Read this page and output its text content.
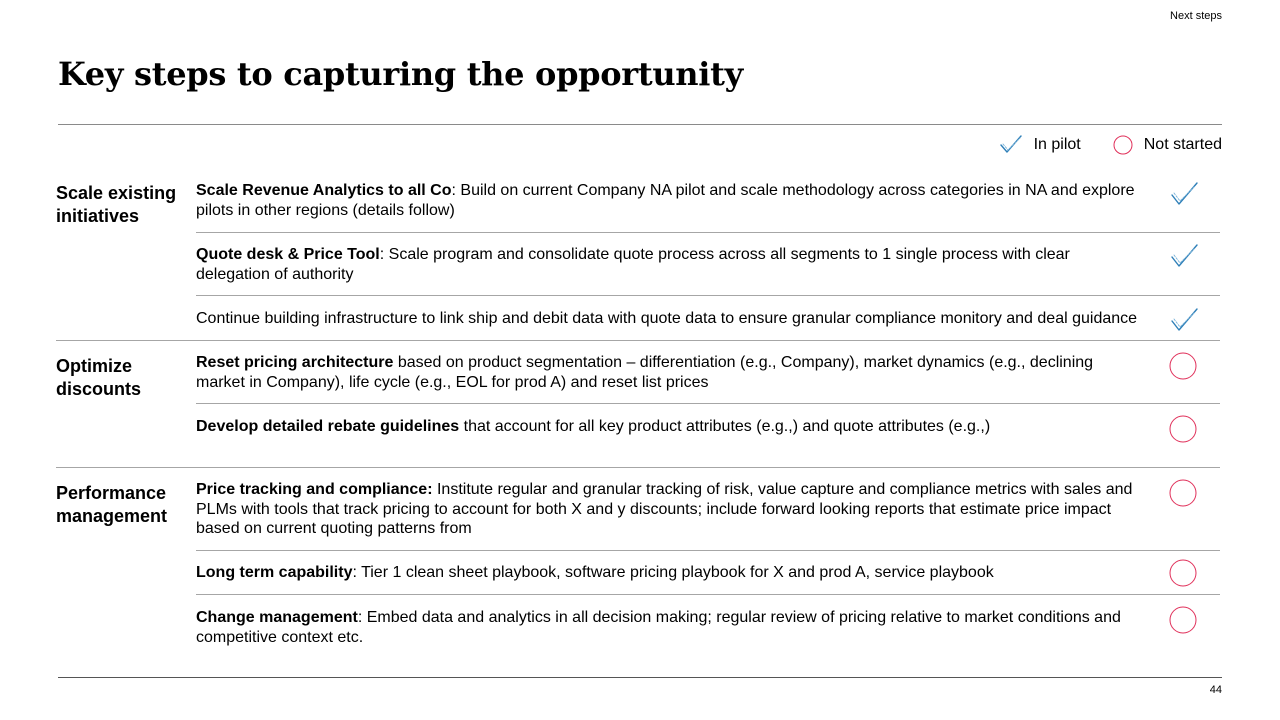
Next steps
Key steps to capturing the opportunity
In pilot	Not started
Scale existing initiatives
Scale Revenue Analytics to all Co: Build on current Company NA pilot and scale methodology across categories in NA and explore pilots in other regions (details follow)
Quote desk & Price Tool: Scale program and consolidate quote process across all segments to 1 single process with clear delegation of authority
Continue building infrastructure to link ship and debit data with quote data to ensure granular compliance monitory and deal guidance
Optimize discounts
Reset pricing architecture based on product segmentation – differentiation (e.g., Company), market dynamics (e.g., declining market in Company), life cycle (e.g., EOL for prod A) and reset list prices
Develop detailed rebate guidelines that account for all key product attributes (e.g.,) and quote attributes (e.g.,)
Performance management
Price tracking and compliance: Institute regular and granular tracking of risk, value capture and compliance metrics with sales and PLMs with tools that track pricing to account for both X and y discounts; include forward looking reports that estimate price impact based on current quoting patterns from
Long term capability: Tier 1 clean sheet playbook, software pricing playbook for X and prod A, service playbook
Change management: Embed data and analytics in all decision making; regular review of pricing relative to market conditions and competitive context etc.
44
